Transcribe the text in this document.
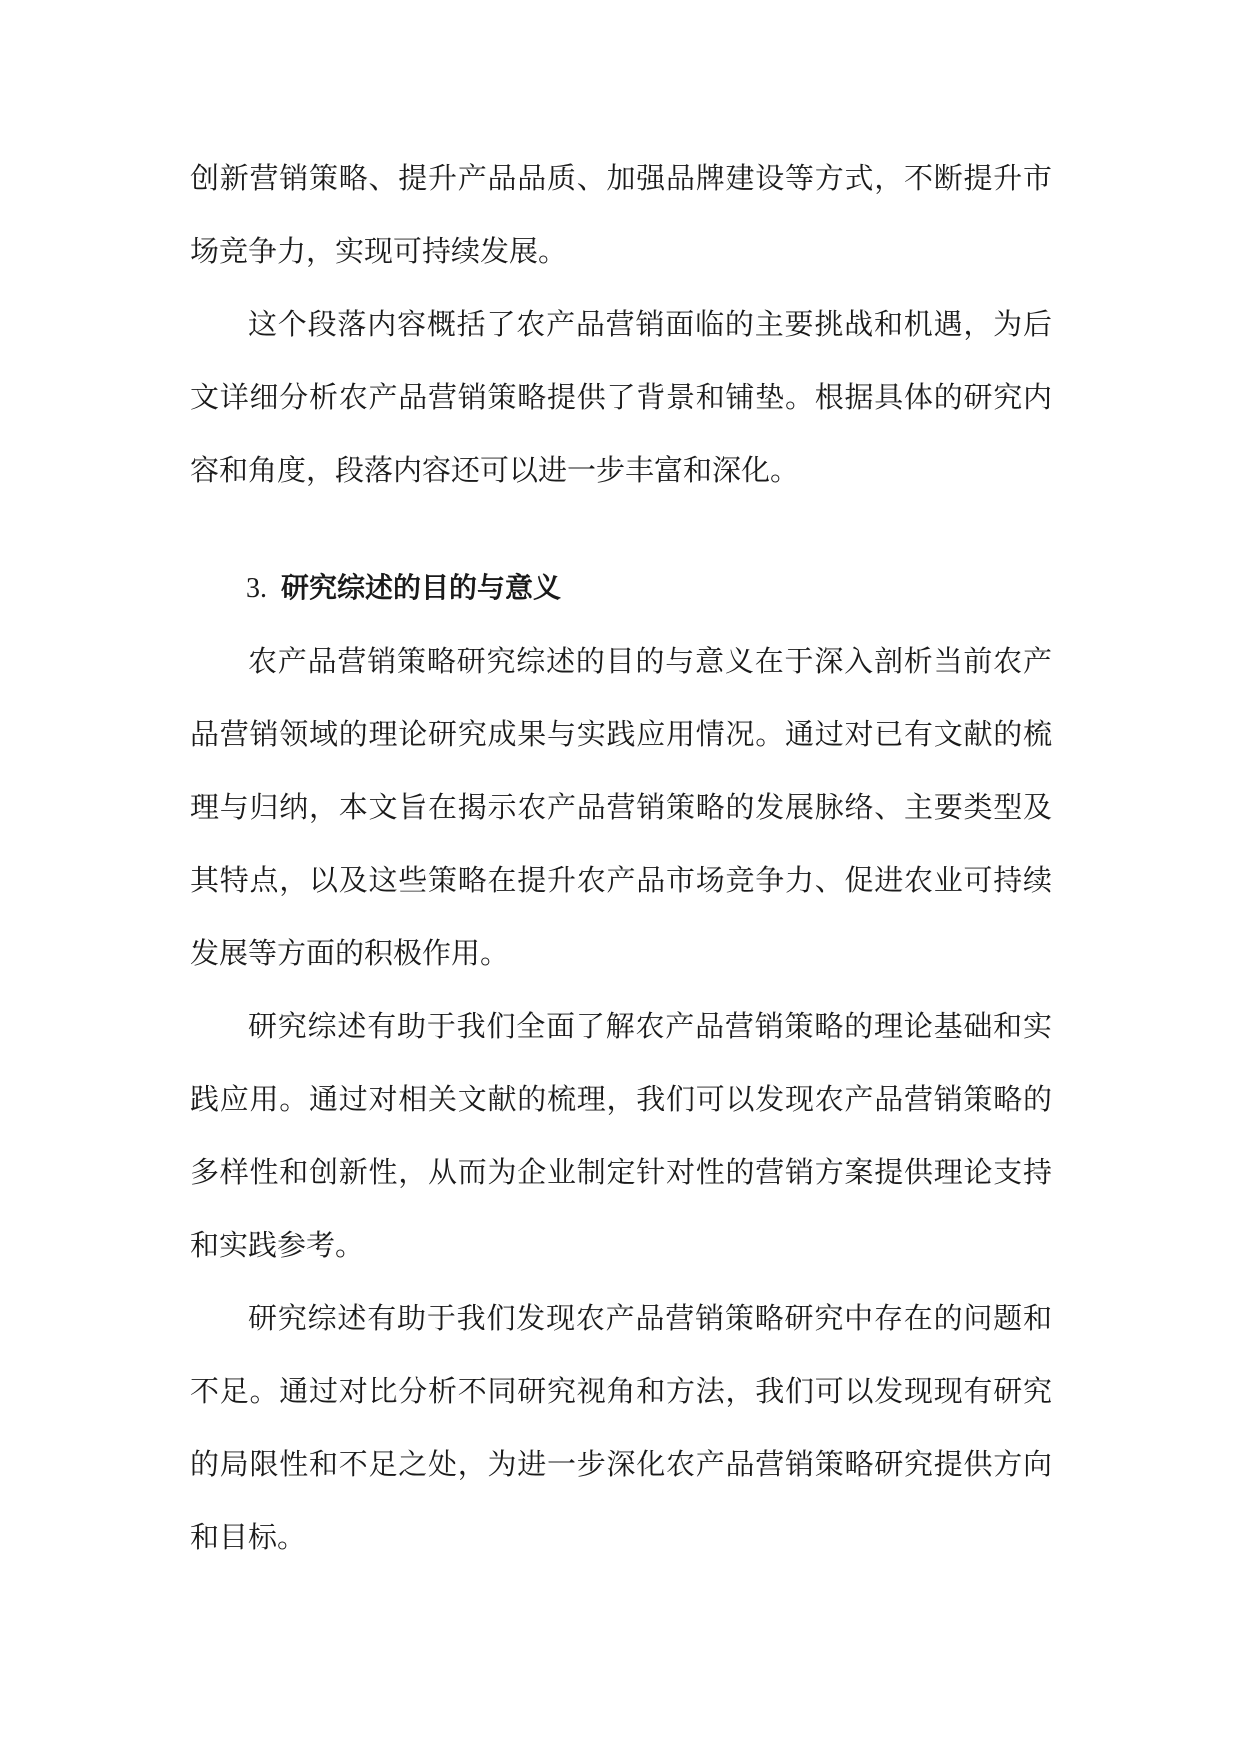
创新营销策略、提升产品品质、加强品牌建设等方式，不断提升市场竞争力，实现可持续发展。

这个段落内容概括了农产品营销面临的主要挑战和机遇，为后文详细分析农产品营销策略提供了背景和铺垫。根据具体的研究内容和角度，段落内容还可以进一步丰富和深化。

3. 研究综述的目的与意义

农产品营销策略研究综述的目的与意义在于深入剖析当前农产品营销领域的理论研究成果与实践应用情况。通过对已有文献的梳理与归纳，本文旨在揭示农产品营销策略的发展脉络、主要类型及其特点，以及这些策略在提升农产品市场竞争力、促进农业可持续发展等方面的积极作用。

研究综述有助于我们全面了解农产品营销策略的理论基础和实践应用。通过对相关文献的梳理，我们可以发现农产品营销策略的多样性和创新性，从而为企业制定针对性的营销方案提供理论支持和实践参考。

研究综述有助于我们发现农产品营销策略研究中存在的问题和不足。通过对比分析不同研究视角和方法，我们可以发现现有研究的局限性和不足之处，为进一步深化农产品营销策略研究提供方向和目标。
